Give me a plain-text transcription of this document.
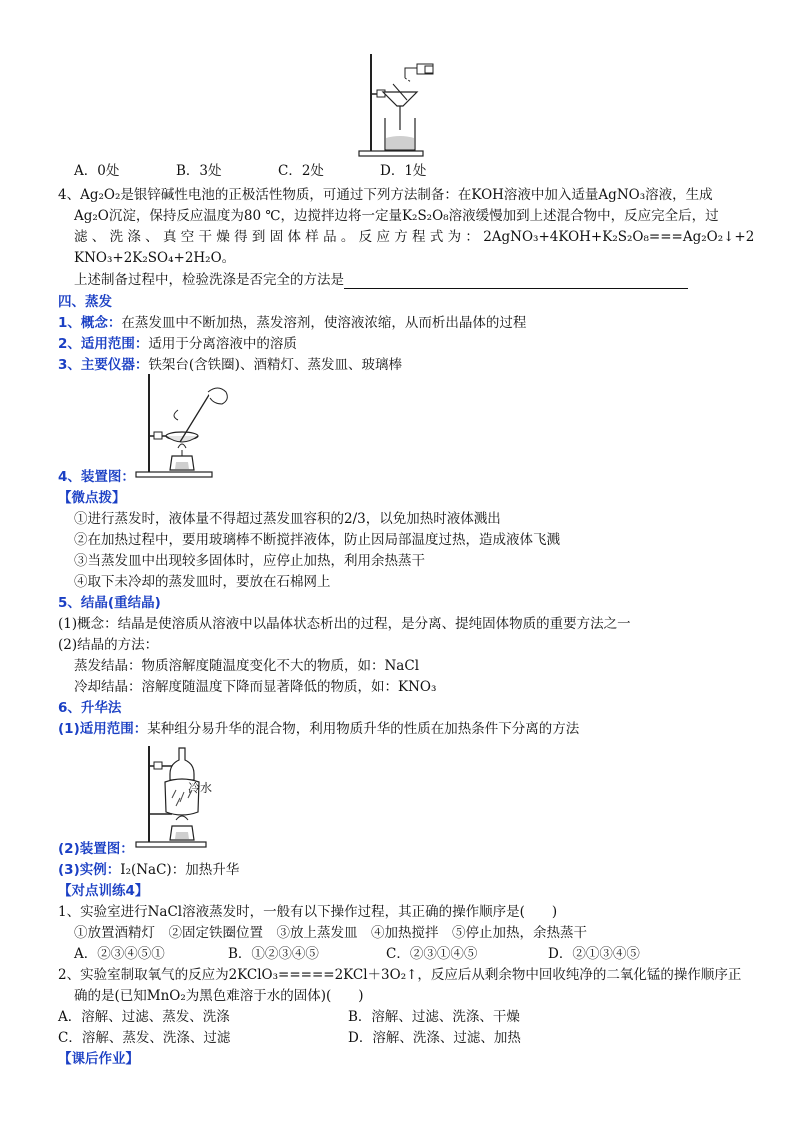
A．0处	B．3处	C．2处	D．1处
4、Ag₂O₂是银锌碱性电池的正极活性物质，可通过下列方法制备：在KOH溶液中加入适量AgNO₃溶液，生成
Ag₂O沉淀，保持反应温度为80 ℃，边搅拌边将一定量K₂S₂O₈溶液缓慢加到上述混合物中，反应完全后，过
滤 、 洗 涤 、 真 空 干 燥 得 到 固 体 样 品 。 反 应 方 程 式 为 ： 2AgNO₃+4KOH+K₂S₂O₈===Ag₂O₂↓+2
KNO₃+2K₂SO₄+2H₂O。
上述制备过程中，检验洗涤是否完全的方法是
四、蒸发
1、概念：在蒸发皿中不断加热，蒸发溶剂，使溶液浓缩，从而析出晶体的过程
2、适用范围：适用于分离溶液中的溶质
3、主要仪器：铁架台(含铁圈)、酒精灯、蒸发皿、玻璃棒
4、装置图：
【微点拨】
①进行蒸发时，液体量不得超过蒸发皿容积的2/3，以免加热时液体溅出
②在加热过程中，要用玻璃棒不断搅拌液体，防止因局部温度过热，造成液体飞溅
③当蒸发皿中出现较多固体时，应停止加热，利用余热蒸干
④取下未冷却的蒸发皿时，要放在石棉网上
5、结晶(重结晶)
(1)概念：结晶是使溶质从溶液中以晶体状态析出的过程，是分离、提纯固体物质的重要方法之一
(2)结晶的方法：
蒸发结晶：物质溶解度随温度变化不大的物质，如：NaCl
冷却结晶：溶解度随温度下降而显著降低的物质，如：KNO₃
6、升华法
(1)适用范围：某种组分易升华的混合物，利用物质升华的性质在加热条件下分离的方法
冷水
(2)装置图：
(3)实例：I₂(NaC)：加热升华
【对点训练4】
1、实验室进行NaCl溶液蒸发时，一般有以下操作过程，其正确的操作顺序是(　　)
①放置酒精灯　②固定铁圈位置　③放上蒸发皿　④加热搅拌　⑤停止加热，余热蒸干
A．②③④⑤①	B．①②③④⑤	C．②③①④⑤	D．②①③④⑤
2、实验室制取氧气的反应为2KClO₃=====2KCl＋3O₂↑，反应后从剩余物中回收纯净的二氧化锰的操作顺序正
确的是(已知MnO₂为黑色难溶于水的固体)(　　)
A．溶解、过滤、蒸发、洗涤	B．溶解、过滤、洗涤、干燥
C．溶解、蒸发、洗涤、过滤	D．溶解、洗涤、过滤、加热
【课后作业】
